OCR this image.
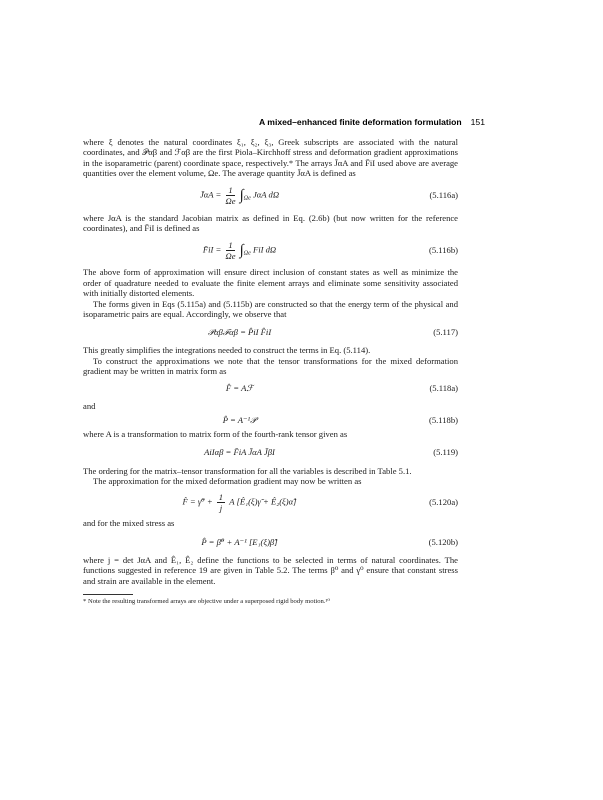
A mixed–enhanced finite deformation formulation 151

where ξ denotes the natural coordinates ξ₁, ξ₂, ξ₃, Greek subscripts are associated with the natural coordinates, and 𝒫αβ and ℱαβ are the first Piola–Kirchhoff stress and deformation gradient approximations in the isoparametric (parent) coordinate space, respectively.* The arrays J̄αA and F̄iI used above are average quantities over the element volume, Ωe. The average quantity J̄αA is defined as

J̄αA = $\frac{1}{\Omega e} \int_{\Omega e}$ JαA dΩ	(5.116a)

where JαA is the standard Jacobian matrix as defined in Eq. (2.6b) (but now written for the reference coordinates), and F̄iI is defined as

F̄iI = $\frac{1}{\Omega e} \int_{\Omega e}$ FiI dΩ	(5.116b)

The above form of approximation will ensure direct inclusion of constant states as well as minimize the order of quadrature needed to evaluate the finite element arrays and eliminate some sensitivity associated with initially distorted elements.

The forms given in Eqs (5.115a) and (5.115b) are constructed so that the energy term of the physical and isoparametric pairs are equal. Accordingly, we observe that

𝒫αβℱαβ = P̂iI F̂iI	(5.117)

This greatly simplifies the integrations needed to construct the terms in Eq. (5.114).

To construct the approximations we note that the tensor transformations for the mixed deformation gradient may be written in matrix form as

F̂ = Aℱ	(5.118a)

and

P̂ = A⁻¹𝒫	(5.118b)

where A is a transformation to matrix form of the fourth-rank tensor given as

AiIαβ = F̄iA J̄αA J̄βI	(5.119)

The ordering for the matrix–tensor transformation for all the variables is described in Table 5.1.

The approximation for the mixed deformation gradient may now be written as

F̂ = γ̃⁰ + $\frac{1}{j}$ A [Ê₁(ξ)γ̃ + Ê₂(ξ)α̃]	(5.120a)

and for the mixed stress as

P̂ = β̃⁰ + A⁻¹ [E₁(ξ)β̃]	(5.120b)

where j = det JαA and Ê₁, Ê₂ define the functions to be selected in terms of natural coordinates. The functions suggested in reference 19 are given in Table 5.2. The terms β⁰ and γ⁰ ensure that constant stress and strain are available in the element.

* Note the resulting transformed arrays are objective under a superposed rigid body motion.¹⁰
